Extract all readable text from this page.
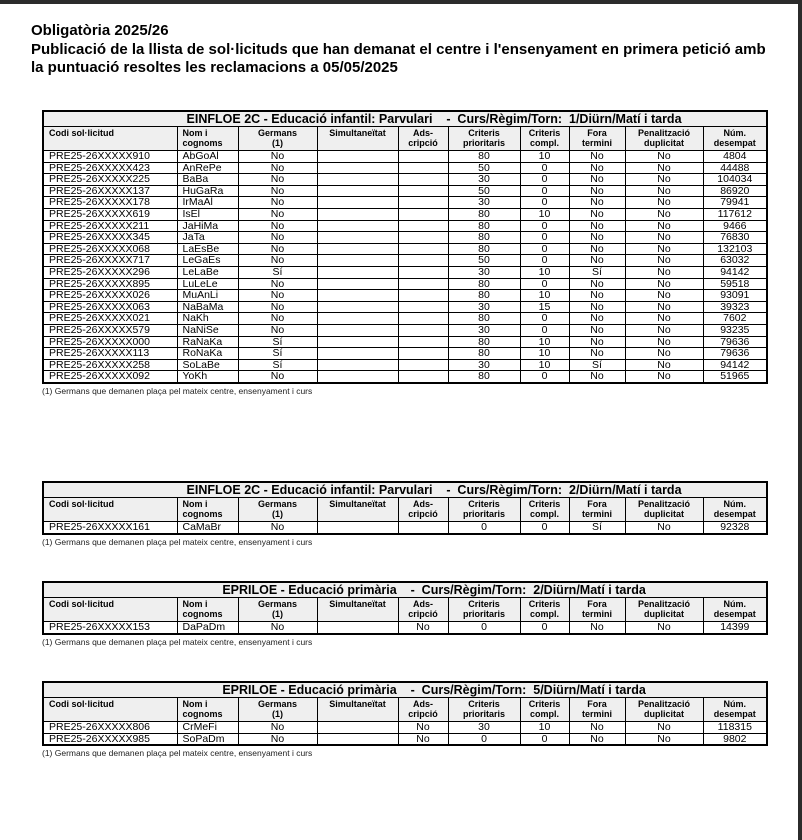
Obligatòria 2025/26
Publicació de la llista de sol·licituds que han demanat el centre i l'ensenyament en primera petició amb la puntuació resoltes les reclamacions a 05/05/2025
EINFLOE 2C - Educació infantil: Parvulari    -  Curs/Règim/Torn:  1/Diürn/Matí i tarda									

Codi sol·licitud	Nom i
cognoms

Germans
(1)

Simultaneïtat	Ads-
cripció

Criteris
prioritaris

Criteris
compl.

Fora
termini

Penalització
duplicitat

Núm.
desempat

PRE25-26XXXXX910	AbGoAl	No			80	10	No	No	4804
PRE25-26XXXXX423	AnRePe	No			50	0	No	No	44488
PRE25-26XXXXX225	BaBa	No			30	0	No	No	104034
PRE25-26XXXXX137	HuGaRa	No			50	0	No	No	86920
PRE25-26XXXXX178	IrMaAl	No			30	0	No	No	79941
PRE25-26XXXXX619	IsEl	No			80	10	No	No	117612
PRE25-26XXXXX211	JaHiMa	No			80	0	No	No	9466
PRE25-26XXXXX345	JaTa	No			80	0	No	No	76830
PRE25-26XXXXX068	LaEsBe	No			80	0	No	No	132103
PRE25-26XXXXX717	LeGaEs	No			50	0	No	No	63032
PRE25-26XXXXX296	LeLaBe	Sí			30	10	Sí	No	94142
PRE25-26XXXXX895	LuLeLe	No			80	0	No	No	59518
PRE25-26XXXXX026	MuAnLi	No			80	10	No	No	93091
PRE25-26XXXXX063	NaBaMa	No			30	15	No	No	39323
PRE25-26XXXXX021	NaKh	No			80	0	No	No	7602
PRE25-26XXXXX579	NaNiSe	No			30	0	No	No	93235
PRE25-26XXXXX000	RaNaKa	Sí			80	10	No	No	79636
PRE25-26XXXXX113	RoNaKa	Sí			80	10	No	No	79636
PRE25-26XXXXX258	SoLaBe	Sí			30	10	Sí	No	94142
PRE25-26XXXXX092	YoKh	No			80	0	No	No	51965
(1) Germans que demanen plaça pel mateix centre, ensenyament i curs
EINFLOE 2C - Educació infantil: Parvulari    -  Curs/Règim/Torn:  2/Diürn/Matí i tarda									

Codi sol·licitud	Nom i
cognoms

Germans
(1)

Simultaneïtat	Ads-
cripció

Criteris
prioritaris

Criteris
compl.

Fora
termini

Penalització
duplicitat

Núm.
desempat

PRE25-26XXXXX161	CaMaBr	No			0	0	Sí	No	92328
(1) Germans que demanen plaça pel mateix centre, ensenyament i curs
EPRILOE - Educació primària    -  Curs/Règim/Torn:  2/Diürn/Matí i tarda									

Codi sol·licitud	Nom i
cognoms

Germans
(1)

Simultaneïtat	Ads-
cripció

Criteris
prioritaris

Criteris
compl.

Fora
termini

Penalització
duplicitat

Núm.
desempat

PRE25-26XXXXX153	DaPaDm	No		No	0	0	No	No	14399
(1) Germans que demanen plaça pel mateix centre, ensenyament i curs
EPRILOE - Educació primària    -  Curs/Règim/Torn:  5/Diürn/Matí i tarda									

Codi sol·licitud	Nom i
cognoms

Germans
(1)

Simultaneïtat	Ads-
cripció

Criteris
prioritaris

Criteris
compl.

Fora
termini

Penalització
duplicitat

Núm.
desempat

PRE25-26XXXXX806	CrMeFi	No		No	30	10	No	No	118315
PRE25-26XXXXX985	SoPaDm	No		No	0	0	No	No	9802
(1) Germans que demanen plaça pel mateix centre, ensenyament i curs
